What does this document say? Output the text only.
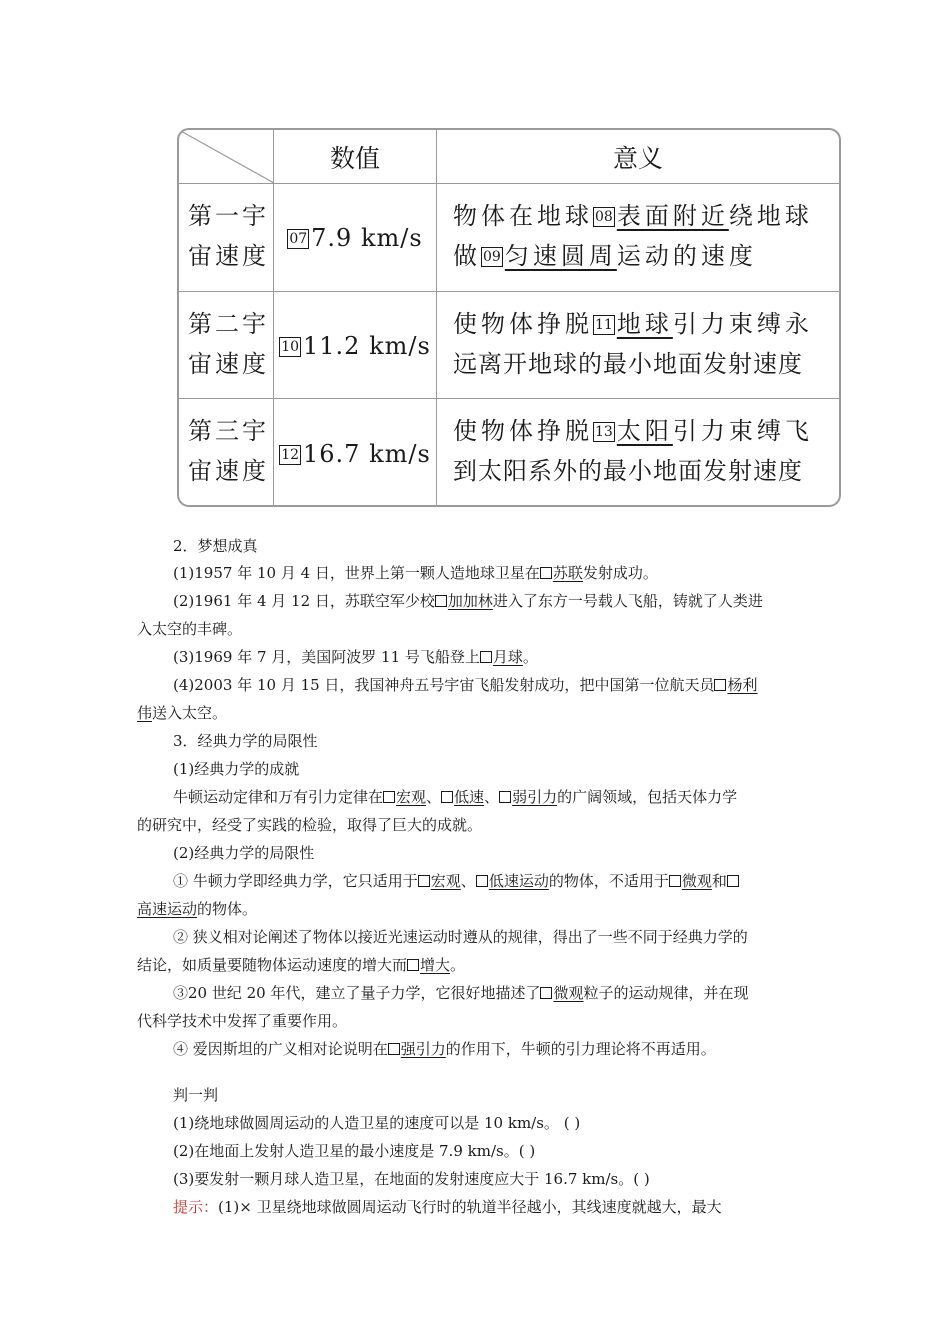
数值	意义
第一宇
宙速度
07 7.9 km/s
物体在地球 08 表面附近绕地球
做 09 匀速圆周运动的速度
第二宇
宙速度
10 11.2 km/s
使物体挣脱 11 地球引力束缚永
远离开地球的最小地面发射速度
第三宇
宙速度
12 16.7 km/s
使物体挣脱 13 太阳引力束缚飞
到太阳系外的最小地面发射速度
2．梦想成真
(1)1957 年 10 月 4 日，世界上第一颗人造地球卫星在 苏联发射成功。
(2)1961 年 4 月 12 日，苏联空军少校 加加林进入了东方一号载人飞船，铸就了人类进
入太空的丰碑。
(3)1969 年 7 月，美国阿波罗 11 号飞船登上 月球。
(4)2003 年 10 月 15 日，我国神舟五号宇宙飞船发射成功，把中国第一位航天员 杨利
伟送入太空。
3．经典力学的局限性
(1)经典力学的成就
牛顿运动定律和万有引力定律在 宏观、 低速、 弱引力的广阔领域，包括天体力学
的研究中，经受了实践的检验，取得了巨大的成就。
(2)经典力学的局限性
① 牛顿力学即经典力学，它只适用于 宏观、 低速运动的物体，不适用于 微观和
高速运动的物体。
② 狭义相对论阐述了物体以接近光速运动时遵从的规律，得出了一些不同于经典力学的
结论，如质量要随物体运动速度的增大而 增大。
③20 世纪 20 年代，建立了量子力学，它很好地描述了 微观粒子的运动规律，并在现
代科学技术中发挥了重要作用。
④ 爱因斯坦的广义相对论说明在 强引力的作用下，牛顿的引力理论将不再适用。
判一判
(1)绕地球做圆周运动的人造卫星的速度可以是 10 km/s。 ( )
(2)在地面上发射人造卫星的最小速度是 7.9 km/s。( )
(3)要发射一颗月球人造卫星，在地面的发射速度应大于 16.7 km/s。( )
提示：(1)× 卫星绕地球做圆周运动飞行时的轨道半径越小，其线速度就越大，最大
